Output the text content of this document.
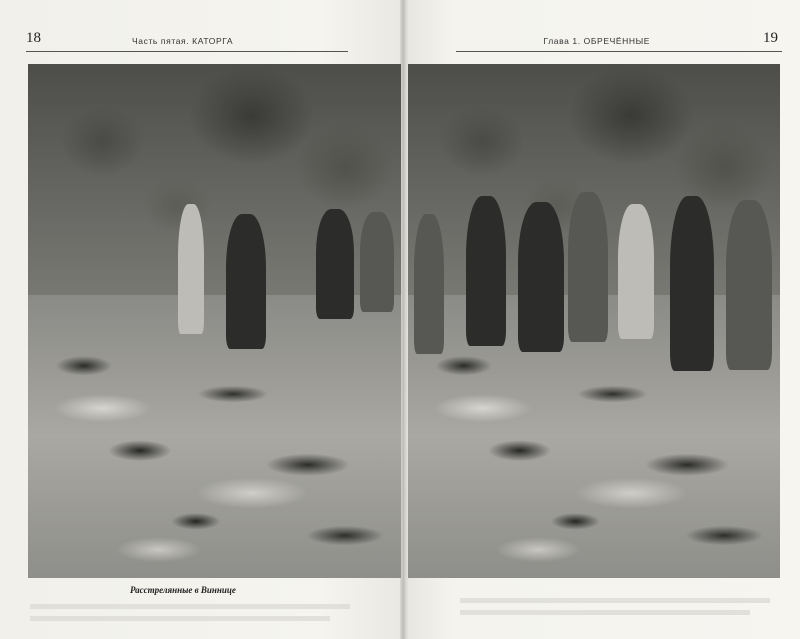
18	Часть пятая. КАТОРГА	19
Глава 1. ОБРЕЧЁННЫЕ
Расстрелянные в Виннице
